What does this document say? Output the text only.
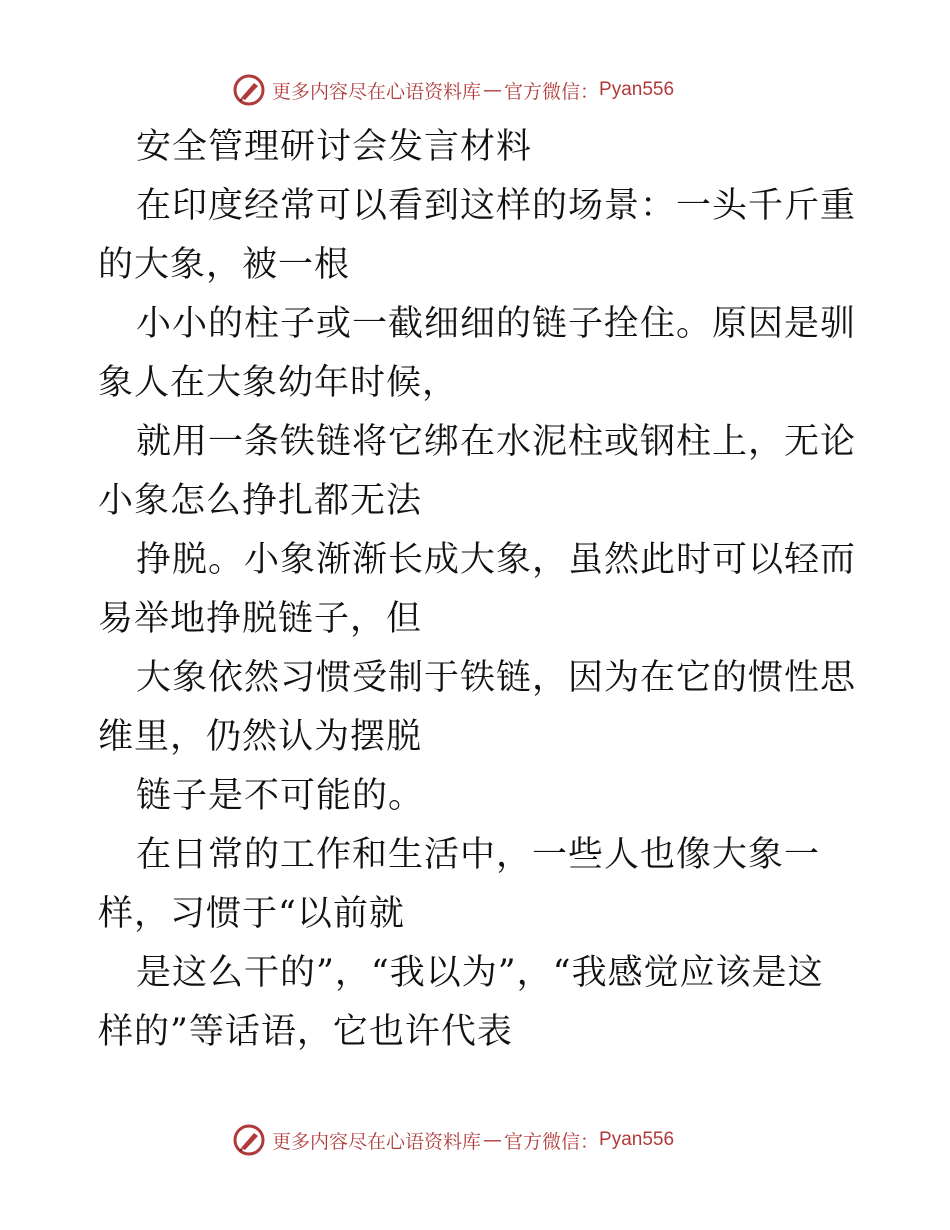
更多内容尽在心语资料库 — 官方微信： Pyan556

安全管理研讨会发言材料

在印度经常可以看到这样的场景：一头千斤重的大象，被一根

小小的柱子或一截细细的链子拴住。原因是驯象人在大象幼年时候，

就用一条铁链将它绑在水泥柱或钢柱上，无论小象怎么挣扎都无法

挣脱。小象渐渐长成大象，虽然此时可以轻而易举地挣脱链子，但

大象依然习惯受制于铁链，因为在它的惯性思维里，仍然认为摆脱

链子是不可能的。

在日常的工作和生活中，一些人也像大象一样，习惯于“以前就

是这么干的”，“我以为”，“我感觉应该是这样的”等话语，它也许代表

更多内容尽在心语资料库 — 官方微信： Pyan556
